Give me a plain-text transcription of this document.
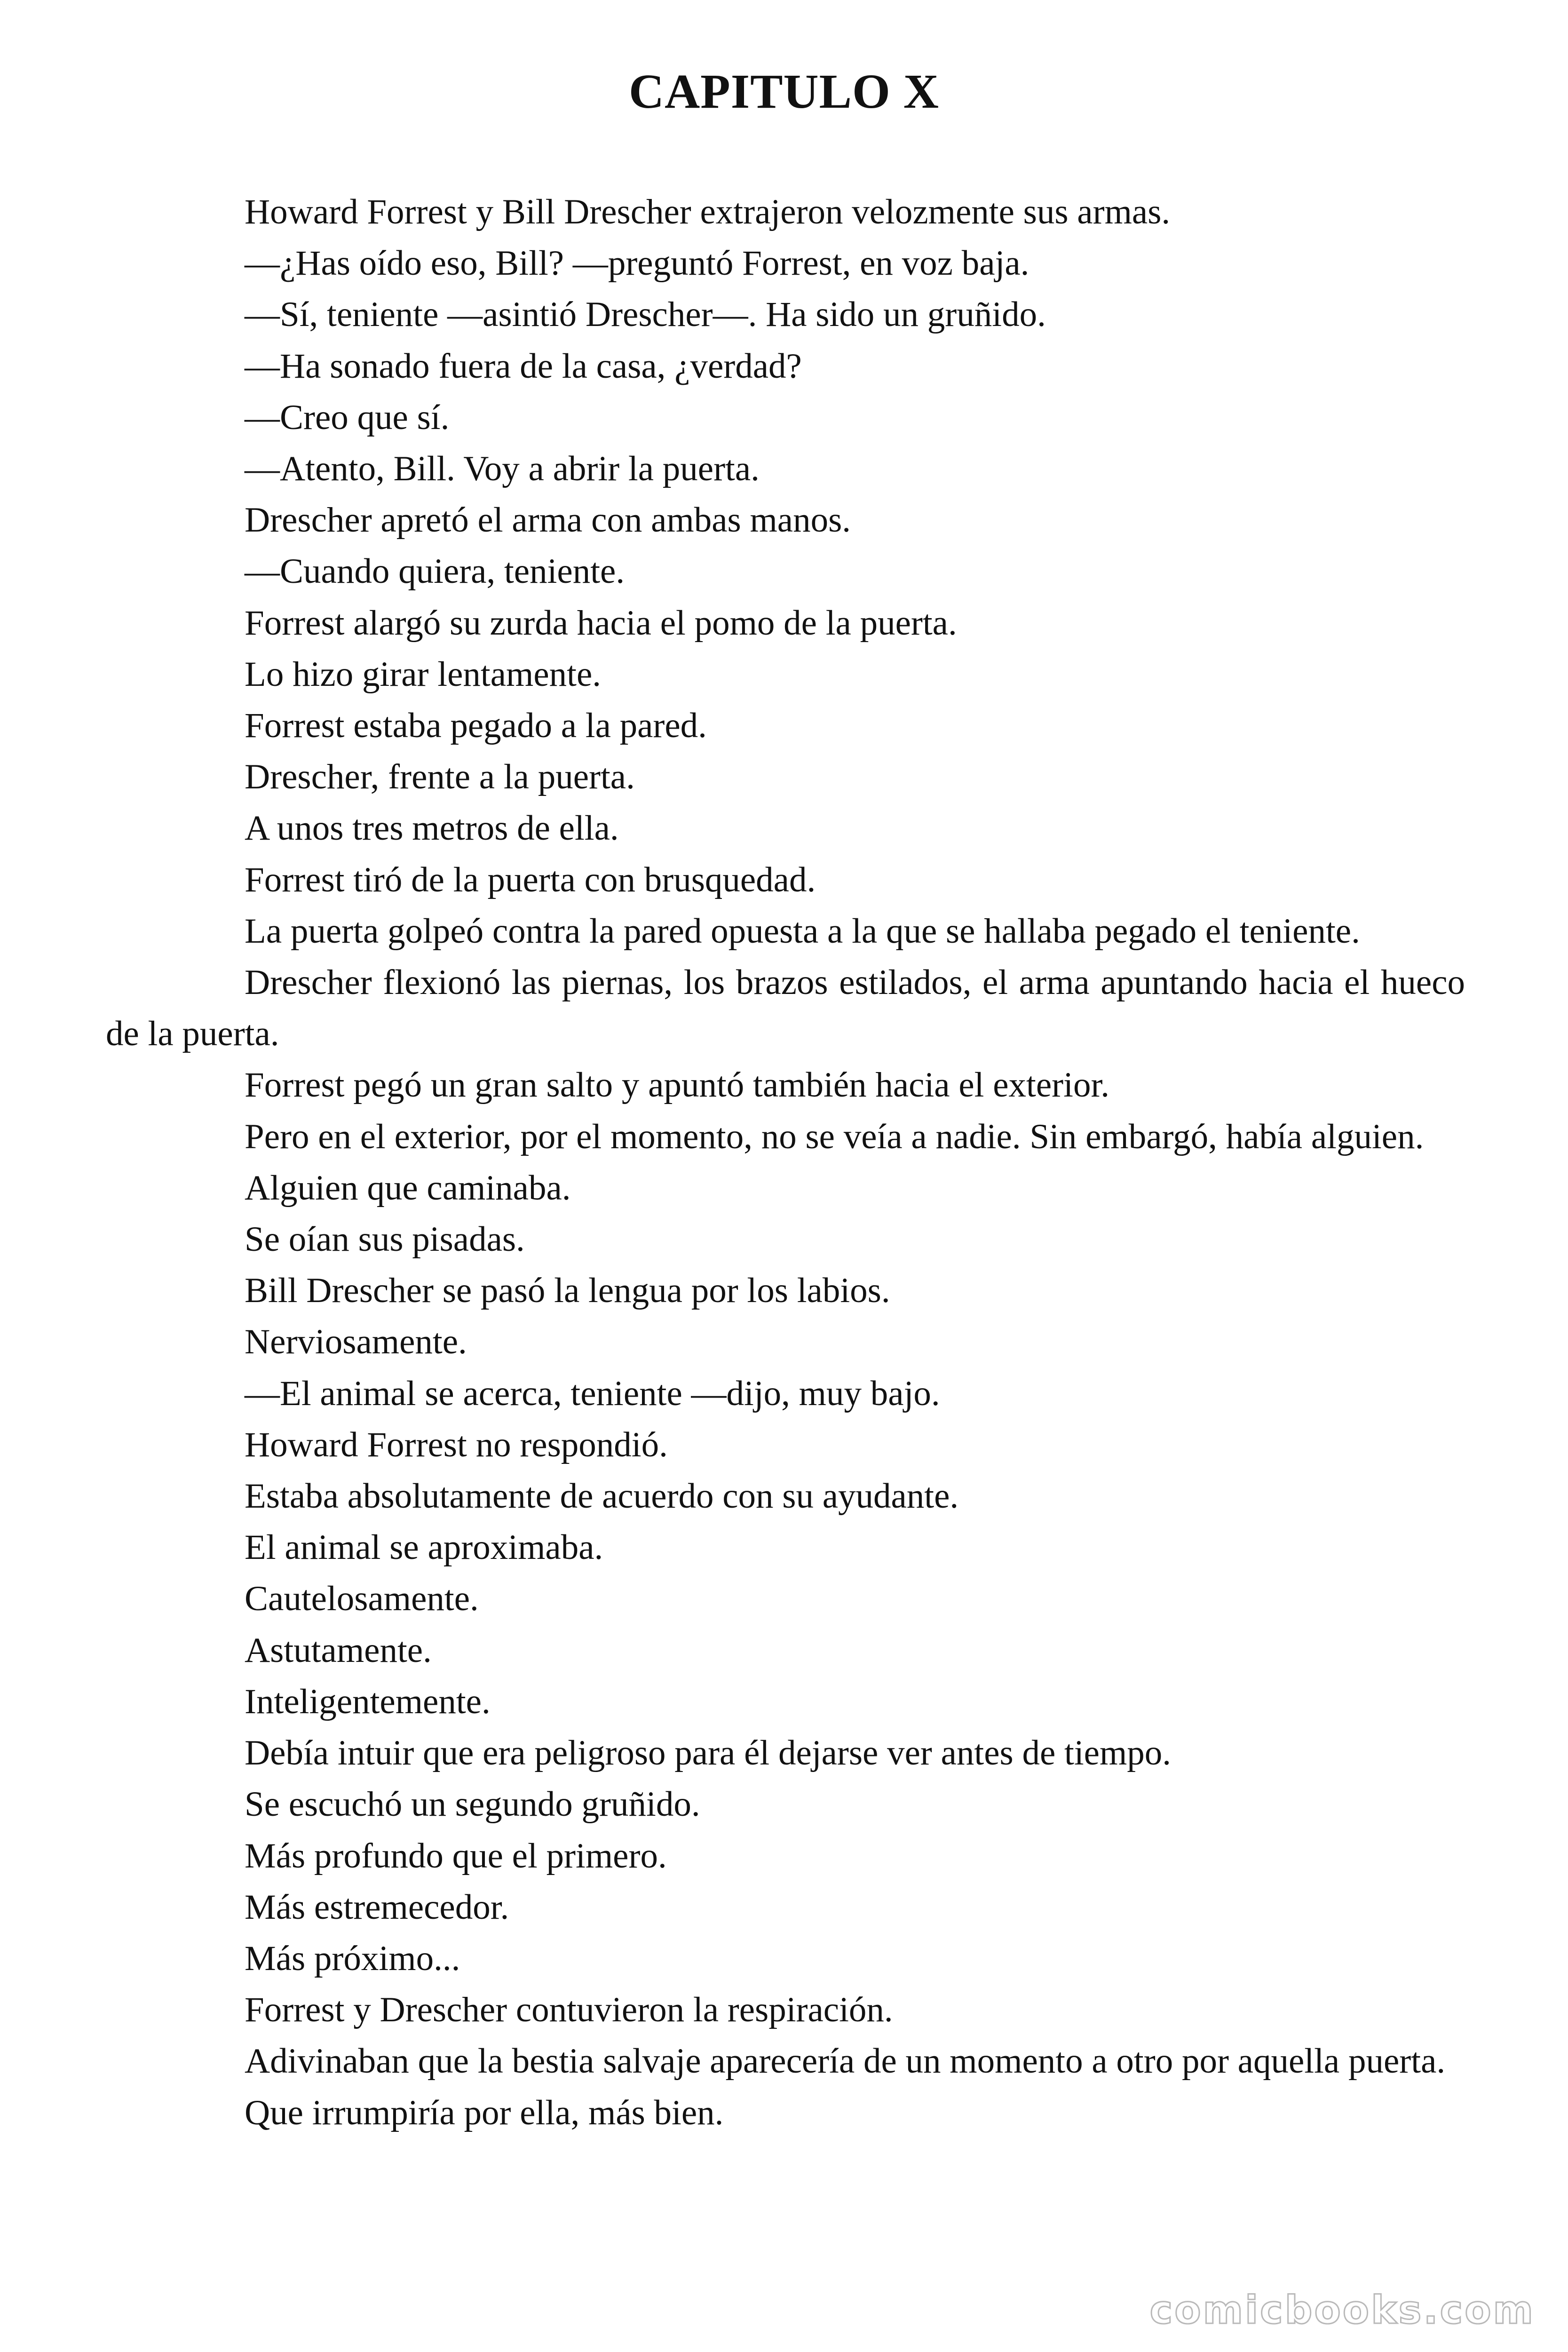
CAPITULO X

Howard Forrest y Bill Drescher extrajeron velozmente sus armas.

—¿Has oído eso, Bill? —preguntó Forrest, en voz baja.

—Sí, teniente —asintió Drescher—. Ha sido un gruñido.

—Ha sonado fuera de la casa, ¿verdad?

—Creo que sí.

—Atento, Bill. Voy a abrir la puerta.

Drescher apretó el arma con ambas manos.

—Cuando quiera, teniente.

Forrest alargó su zurda hacia el pomo de la puerta.

Lo hizo girar lentamente.

Forrest estaba pegado a la pared.

Drescher, frente a la puerta.

A unos tres metros de ella.

Forrest tiró de la puerta con brusquedad.

La puerta golpeó contra la pared opuesta a la que se hallaba pegado el teniente.

Drescher flexionó las piernas, los brazos estilados, el arma apuntando hacia el hueco de la puerta.

Forrest pegó un gran salto y apuntó también hacia el exterior.

Pero en el exterior, por el momento, no se veía a nadie. Sin embargó, había alguien.

Alguien que caminaba.

Se oían sus pisadas.

Bill Drescher se pasó la lengua por los labios.

Nerviosamente.

—El animal se acerca, teniente —dijo, muy bajo.

Howard Forrest no respondió.

Estaba absolutamente de acuerdo con su ayudante.

El animal se aproximaba.

Cautelosamente.

Astutamente.

Inteligentemente.

Debía intuir que era peligroso para él dejarse ver antes de tiempo.

Se escuchó un segundo gruñido.

Más profundo que el primero.

Más estremecedor.

Más próximo...

Forrest y Drescher contuvieron la respiración.

Adivinaban que la bestia salvaje aparecería de un momento a otro por aquella puerta.

Que irrumpiría por ella, más bien.

comicbooks.com
